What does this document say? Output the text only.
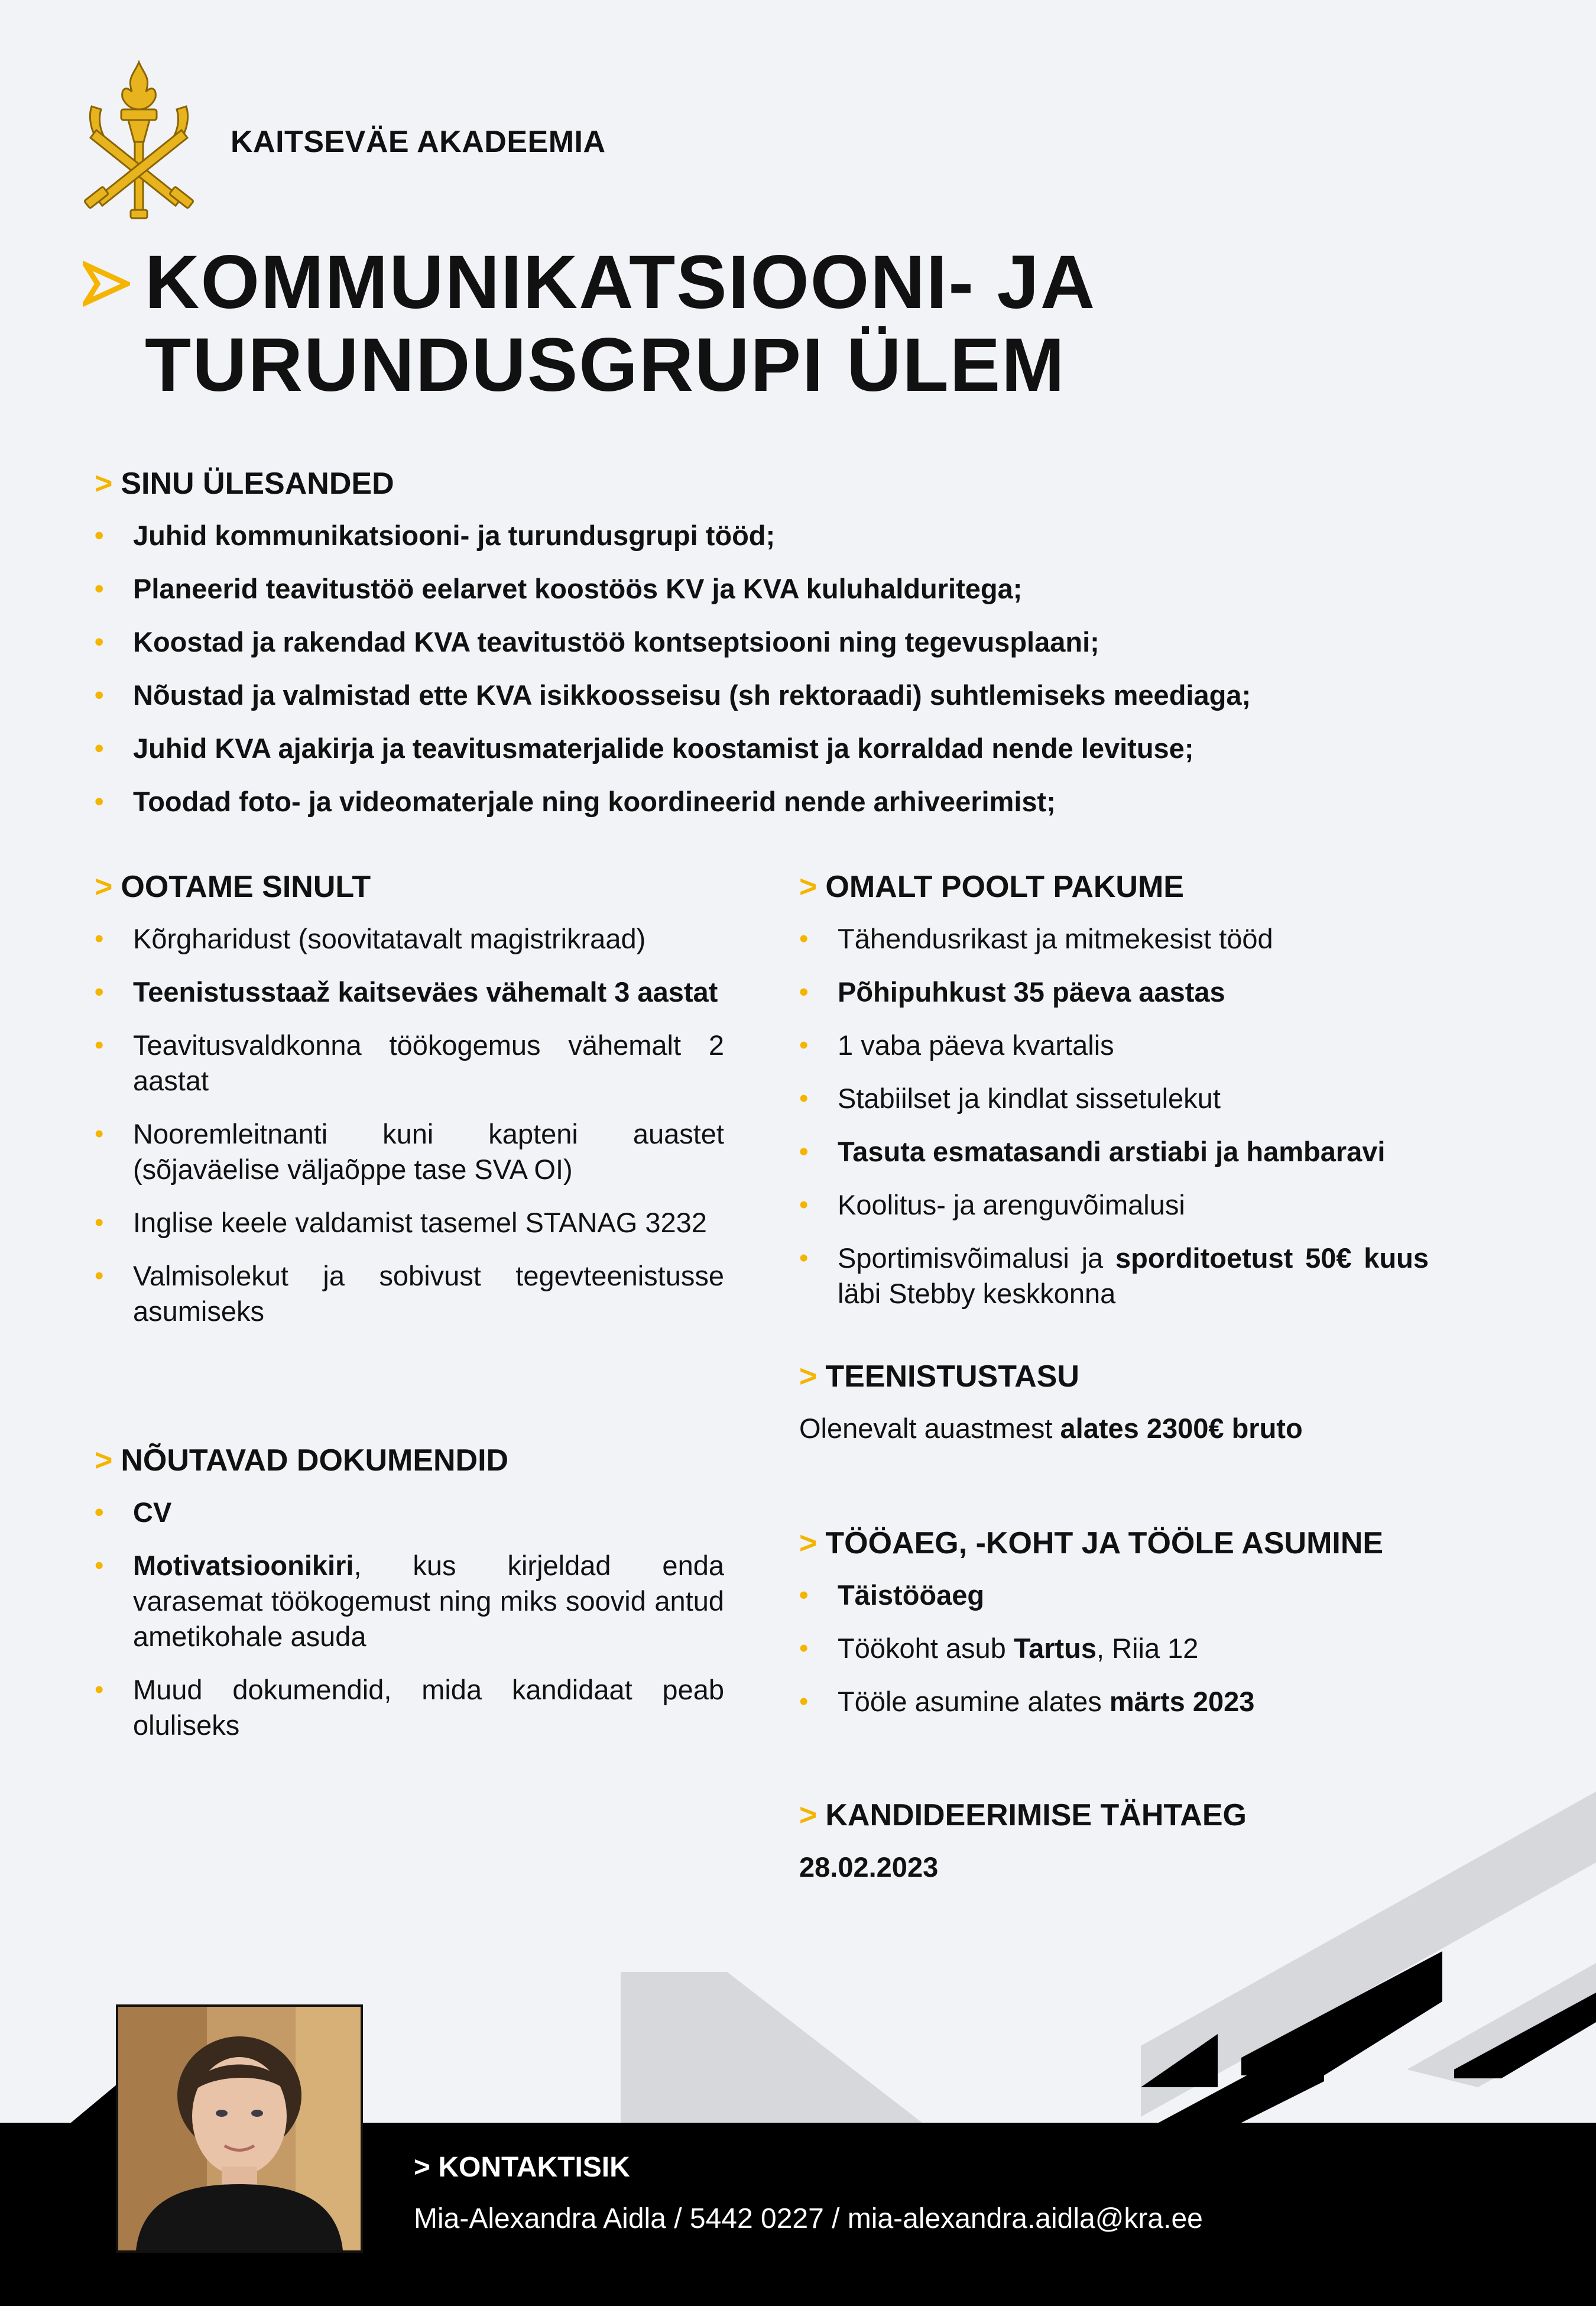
KAITSEVÄE AKADEEMIA
KOMMUNIKATSIOONI- JA
TURUNDUSGRUPI ÜLEM
> SINU ÜLESANDED
• Juhid kommunikatsiooni- ja turundusgrupi tööd;
• Planeerid teavitustöö eelarvet koostöös KV ja KVA kuluhalduritega;
• Koostad ja rakendad KVA teavitustöö kontseptsiooni ning tegevusplaani;
• Nõustad ja valmistad ette KVA isikkoosseisu (sh rektoraadi) suhtlemiseks meediaga;
• Juhid KVA ajakirja ja teavitusmaterjalide koostamist ja korraldad nende levituse;
• Toodad foto- ja videomaterjale ning koordineerid nende arhiveerimist;
> OOTAME SINULT
• Kõrgharidust (soovitatavalt magistrikraad)
• Teenistusstaaž kaitseväes vähemalt 3 aastat
• Teavitusvaldkonna töökogemus vähemalt 2 aastat
• Nooremleitnanti kuni kapteni auastet (sõjaväelise väljaõppe tase SVA OI)
• Inglise keele valdamist tasemel STANAG 3232
• Valmisolekut ja sobivust tegevteenistusse asumiseks
> NÕUTAVAD DOKUMENDID
• CV
• Motivatsioonikiri, kus kirjeldad enda varasemat töökogemust ning miks soovid antud ametikohale asuda
• Muud dokumendid, mida kandidaat peab oluliseks
> OMALT POOLT PAKUME
• Tähendusrikast ja mitmekesist tööd
• Põhipuhkust 35 päeva aastas
• 1 vaba päeva kvartalis
• Stabiilset ja kindlat sissetulekut
• Tasuta esmatasandi arstiabi ja hambaravi
• Koolitus- ja arenguvõimalusi
• Sportimisvõimalusi ja sporditoetust 50€ kuus läbi Stebby keskkonna
> TEENISTUSTASU
Olenevalt auastmest alates 2300€ bruto
> TÖÖAEG, -KOHT JA TÖÖLE ASUMINE
• Täistööaeg
• Töökoht asub Tartus, Riia 12
• Tööle asumine alates märts 2023
> KANDIDEERIMISE TÄHTAEG
28.02.2023
> KONTAKTISIK
Mia-Alexandra Aidla / 5442 0227 / mia-alexandra.aidla@kra.ee
